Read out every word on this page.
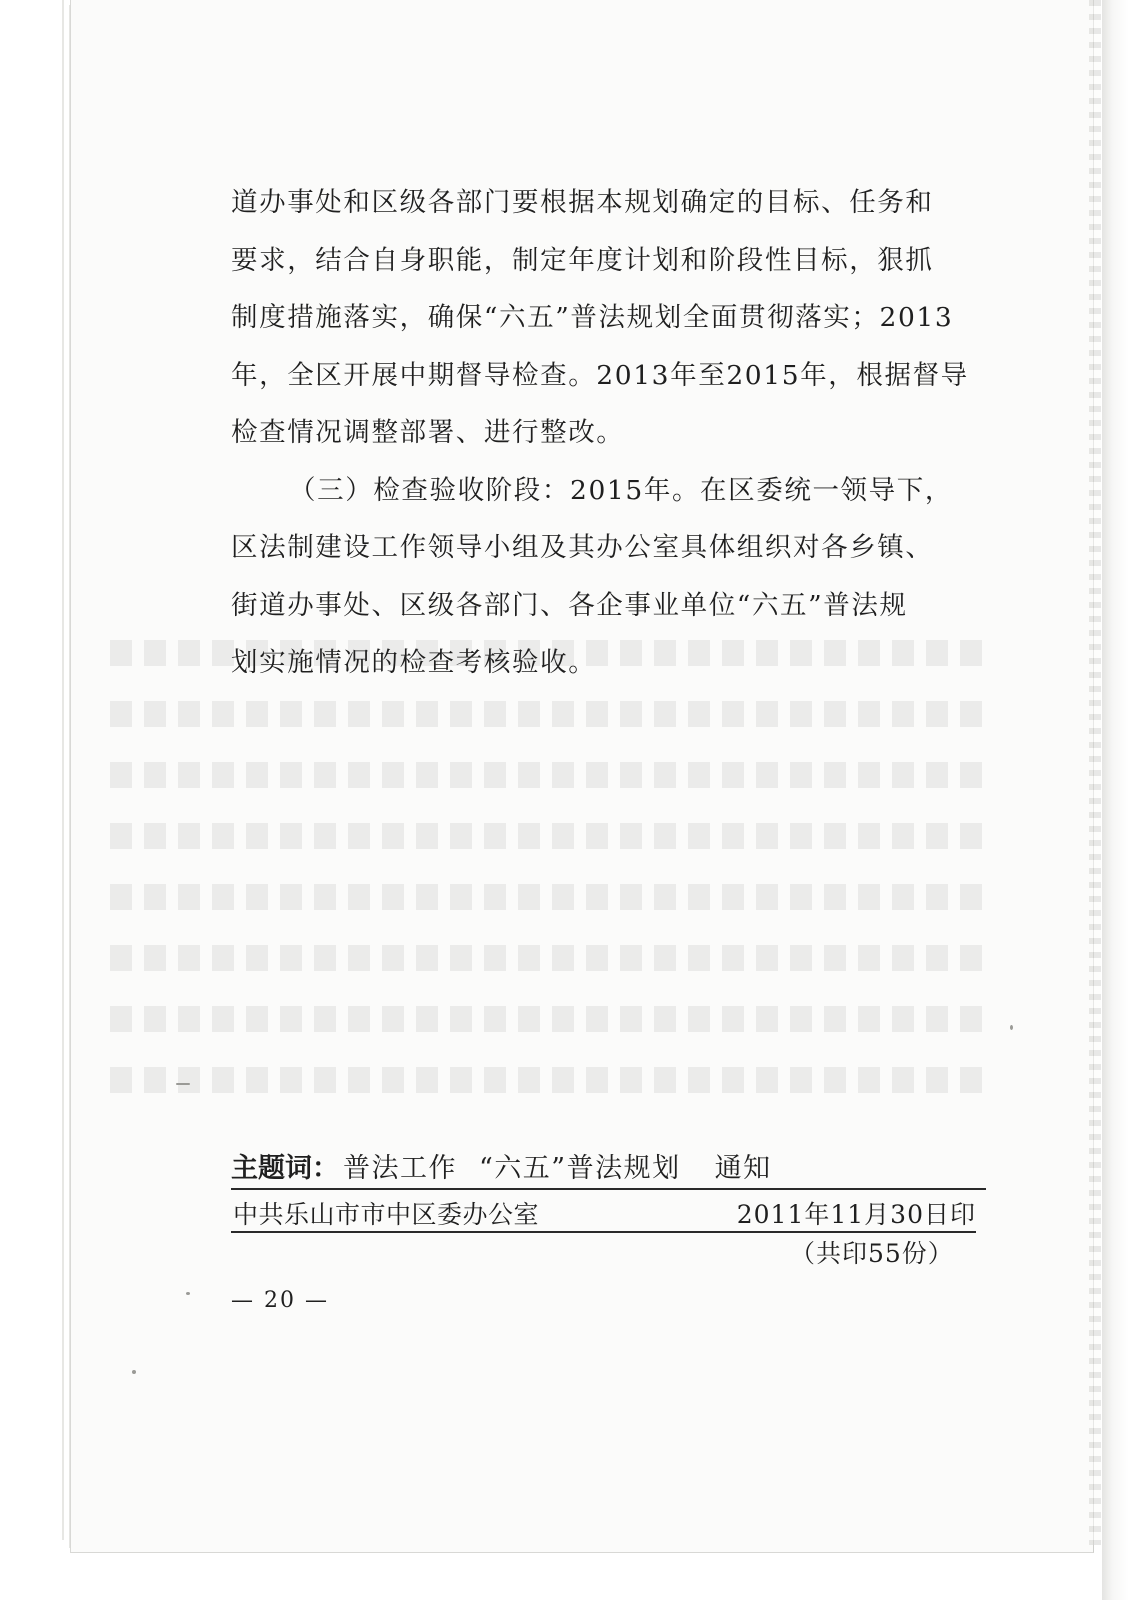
道办事处和区级各部门要根据本规划确定的目标、任务和
要求，结合自身职能，制定年度计划和阶段性目标，狠抓
制度措施落实，确保“六五”普法规划全面贯彻落实；2013
年，全区开展中期督导检查。2013年至2015年，根据督导
检查情况调整部署、进行整改。
（三）检查验收阶段：2015年。在区委统一领导下，
区法制建设工作领导小组及其办公室具体组织对各乡镇、
街道办事处、区级各部门、各企事业单位“六五”普法规
划实施情况的检查考核验收。
主题词： 普法工作 “六五”普法规划 通知
中共乐山市市中区委办公室	2011年11月30日印
（共印55份）
— 20 —
